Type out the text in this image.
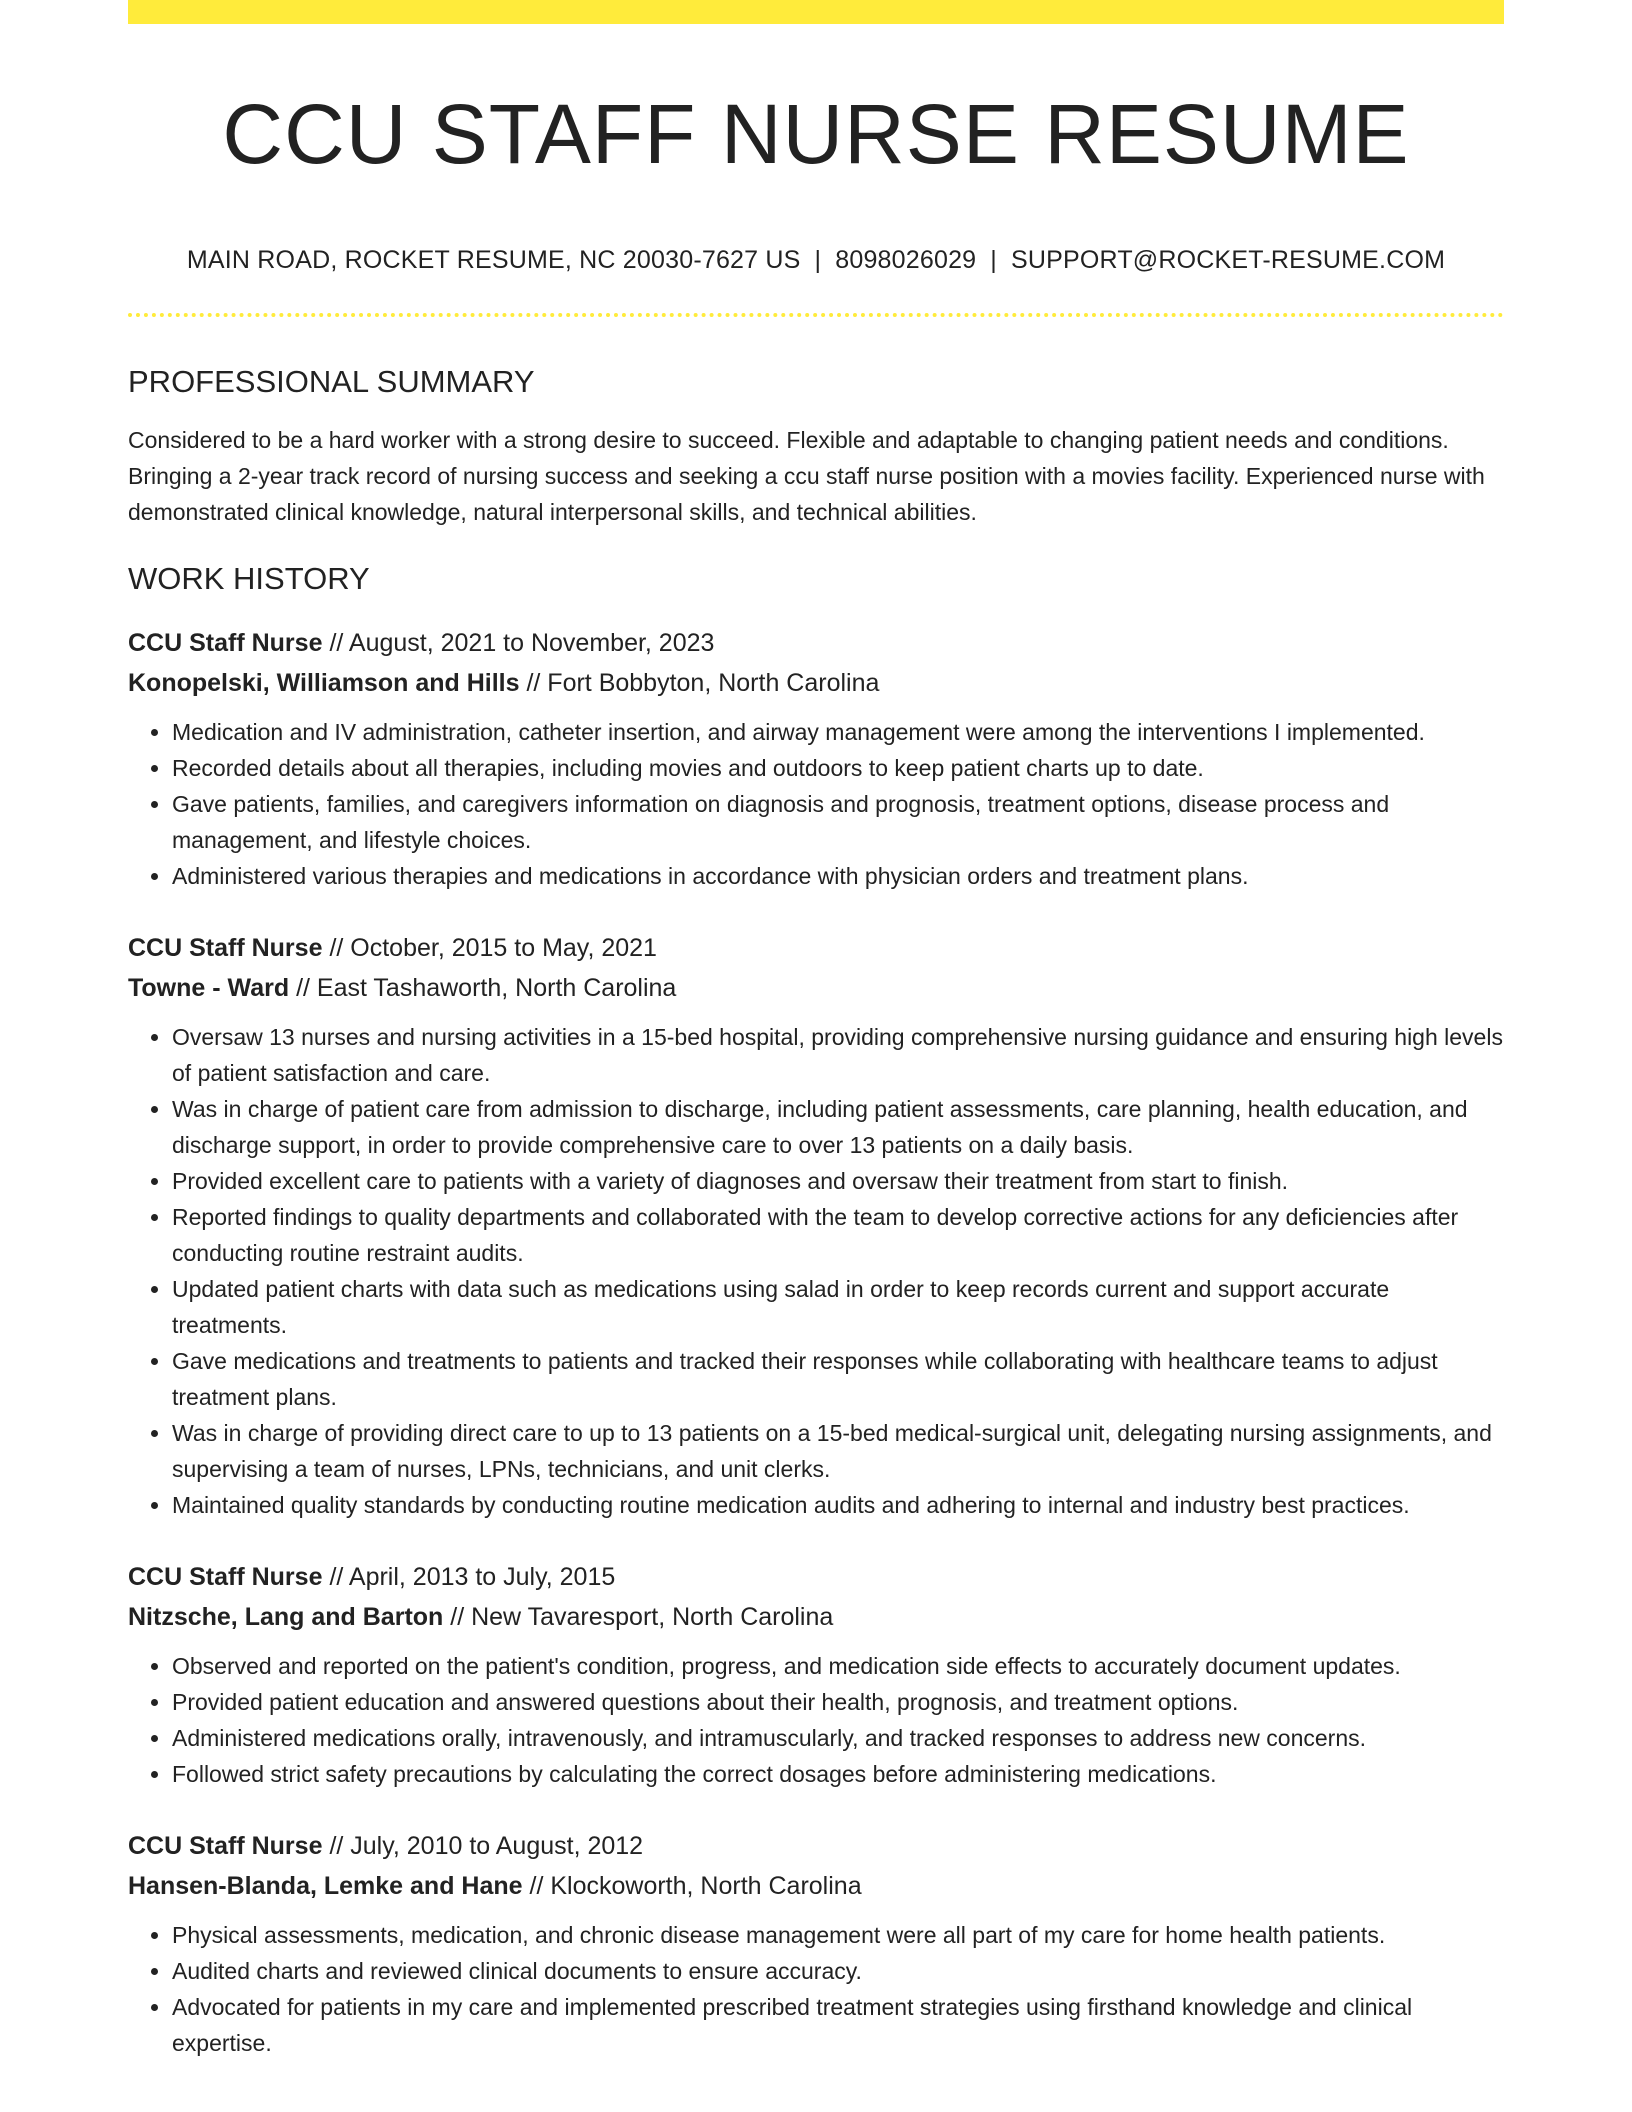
CCU STAFF NURSE RESUME
MAIN ROAD, ROCKET RESUME, NC 20030-7627 US | 8098026029 | SUPPORT@ROCKET-RESUME.COM
PROFESSIONAL SUMMARY
Considered to be a hard worker with a strong desire to succeed. Flexible and adaptable to changing patient needs and conditions. Bringing a 2-year track record of nursing success and seeking a ccu staff nurse position with a movies facility. Experienced nurse with demonstrated clinical knowledge, natural interpersonal skills, and technical abilities.
WORK HISTORY
CCU Staff Nurse // August, 2021 to November, 2023
Konopelski, Williamson and Hills // Fort Bobbyton, North Carolina
• Medication and IV administration, catheter insertion, and airway management were among the interventions I implemented.
• Recorded details about all therapies, including movies and outdoors to keep patient charts up to date.
• Gave patients, families, and caregivers information on diagnosis and prognosis, treatment options, disease process and management, and lifestyle choices.
• Administered various therapies and medications in accordance with physician orders and treatment plans.
CCU Staff Nurse // October, 2015 to May, 2021
Towne - Ward // East Tashaworth, North Carolina
• Oversaw 13 nurses and nursing activities in a 15-bed hospital, providing comprehensive nursing guidance and ensuring high levels of patient satisfaction and care.
• Was in charge of patient care from admission to discharge, including patient assessments, care planning, health education, and discharge support, in order to provide comprehensive care to over 13 patients on a daily basis.
• Provided excellent care to patients with a variety of diagnoses and oversaw their treatment from start to finish.
• Reported findings to quality departments and collaborated with the team to develop corrective actions for any deficiencies after conducting routine restraint audits.
• Updated patient charts with data such as medications using salad in order to keep records current and support accurate treatments.
• Gave medications and treatments to patients and tracked their responses while collaborating with healthcare teams to adjust treatment plans.
• Was in charge of providing direct care to up to 13 patients on a 15-bed medical-surgical unit, delegating nursing assignments, and supervising a team of nurses, LPNs, technicians, and unit clerks.
• Maintained quality standards by conducting routine medication audits and adhering to internal and industry best practices.
CCU Staff Nurse // April, 2013 to July, 2015
Nitzsche, Lang and Barton // New Tavaresport, North Carolina
• Observed and reported on the patient's condition, progress, and medication side effects to accurately document updates.
• Provided patient education and answered questions about their health, prognosis, and treatment options.
• Administered medications orally, intravenously, and intramuscularly, and tracked responses to address new concerns.
• Followed strict safety precautions by calculating the correct dosages before administering medications.
CCU Staff Nurse // July, 2010 to August, 2012
Hansen-Blanda, Lemke and Hane // Klockoworth, North Carolina
• Physical assessments, medication, and chronic disease management were all part of my care for home health patients.
• Audited charts and reviewed clinical documents to ensure accuracy.
• Advocated for patients in my care and implemented prescribed treatment strategies using firsthand knowledge and clinical expertise.
